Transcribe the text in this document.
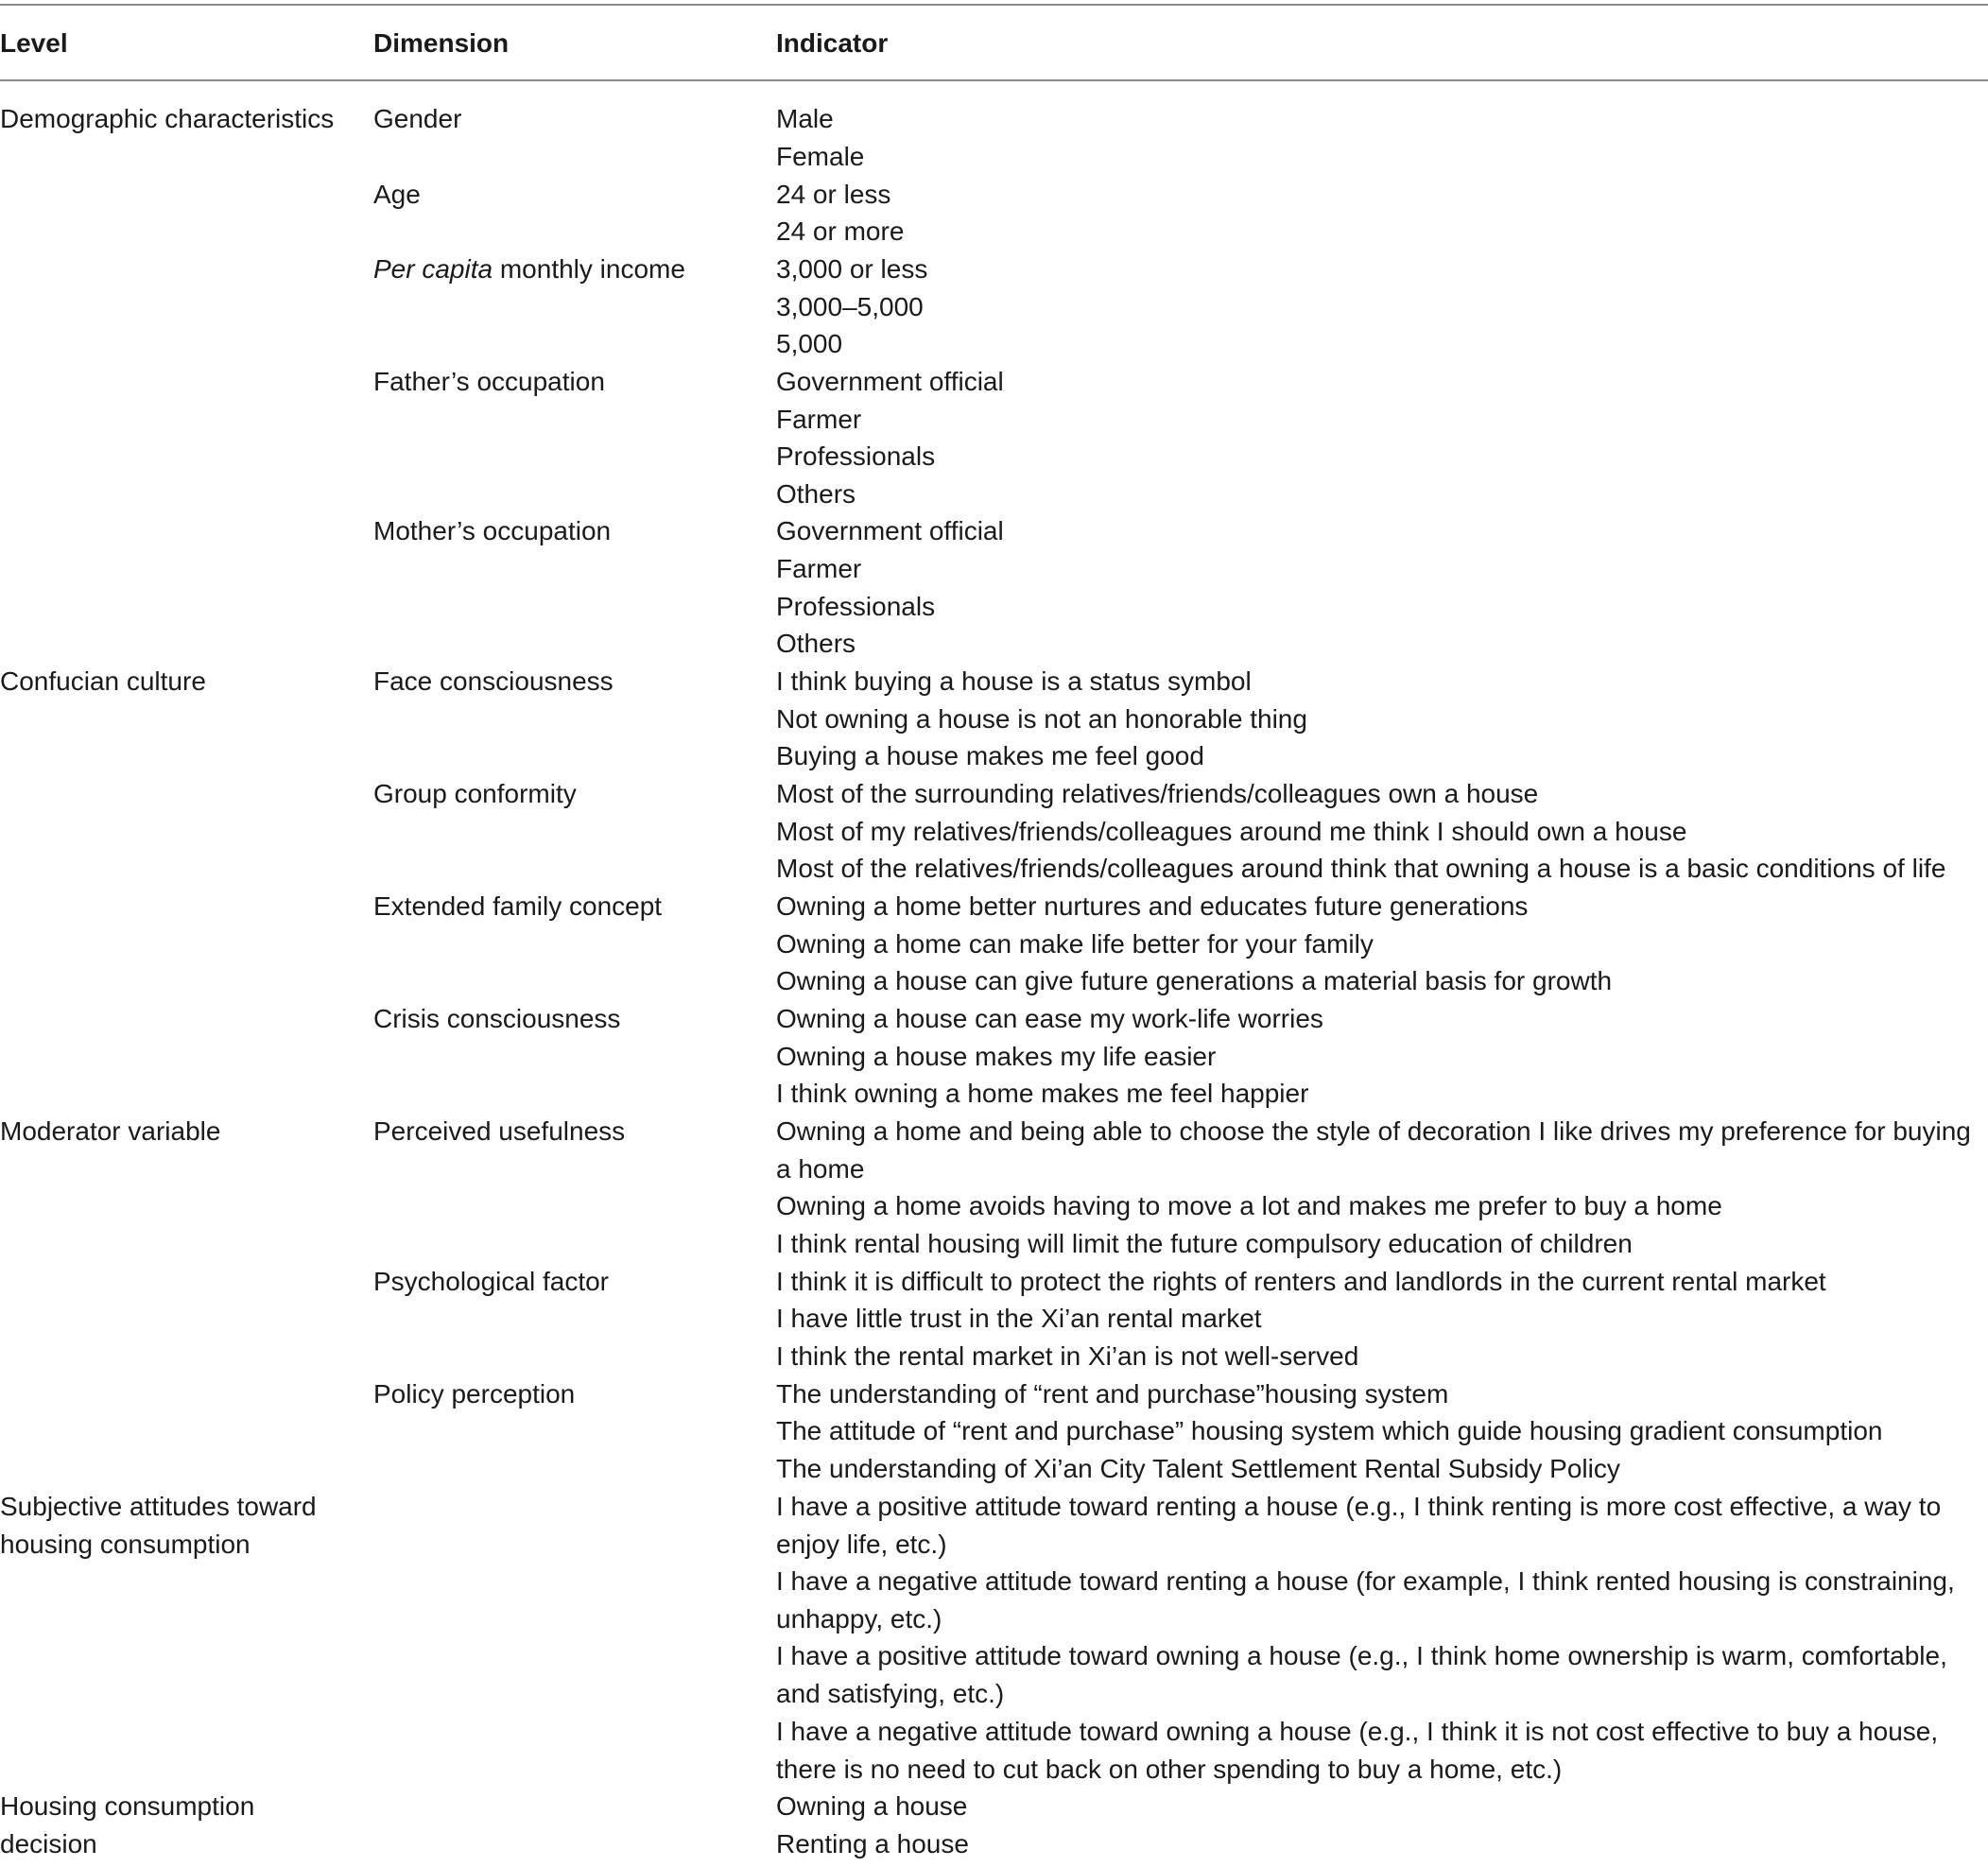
Level	Dimension	Indicator
Demographic characteristics
Confucian culture
Moderator variable
Subjective attitudes toward housing consumption
Housing consumption decision
Gender
Age
Per capita monthly income
Father’s occupation
Mother’s occupation
Face consciousness
Group conformity
Extended family concept
Crisis consciousness
Perceived usefulness
Psychological factor
Policy perception
Male
Female
24 or less
24 or more
3,000 or less
3,000–5,000
5,000
Government official
Farmer
Professionals
Others
Government official
Farmer
Professionals
Others
I think buying a house is a status symbol
Not owning a house is not an honorable thing
Buying a house makes me feel good
Most of the surrounding relatives/friends/colleagues own a house
Most of my relatives/friends/colleagues around me think I should own a house
Most of the relatives/friends/colleagues around think that owning a house is a basic conditions of life
Owning a home better nurtures and educates future generations
Owning a home can make life better for your family
Owning a house can give future generations a material basis for growth
Owning a house can ease my work-life worries
Owning a house makes my life easier
I think owning a home makes me feel happier
Owning a home and being able to choose the style of decoration I like drives my preference for buying a home
Owning a home avoids having to move a lot and makes me prefer to buy a home
I think rental housing will limit the future compulsory education of children
I think it is difficult to protect the rights of renters and landlords in the current rental market
I have little trust in the Xi’an rental market
I think the rental market in Xi’an is not well-served
The understanding of “rent and purchase”housing system
The attitude of “rent and purchase” housing system which guide housing gradient consumption
The understanding of Xi’an City Talent Settlement Rental Subsidy Policy
I have a positive attitude toward renting a house (e.g., I think renting is more cost effective, a way to enjoy life, etc.)
I have a negative attitude toward renting a house (for example, I think rented housing is constraining, unhappy, etc.)
I have a positive attitude toward owning a house (e.g., I think home ownership is warm, comfortable, and satisfying, etc.)
I have a negative attitude toward owning a house (e.g., I think it is not cost effective to buy a house, there is no need to cut back on other spending to buy a home, etc.)
Owning a house
Renting a house
